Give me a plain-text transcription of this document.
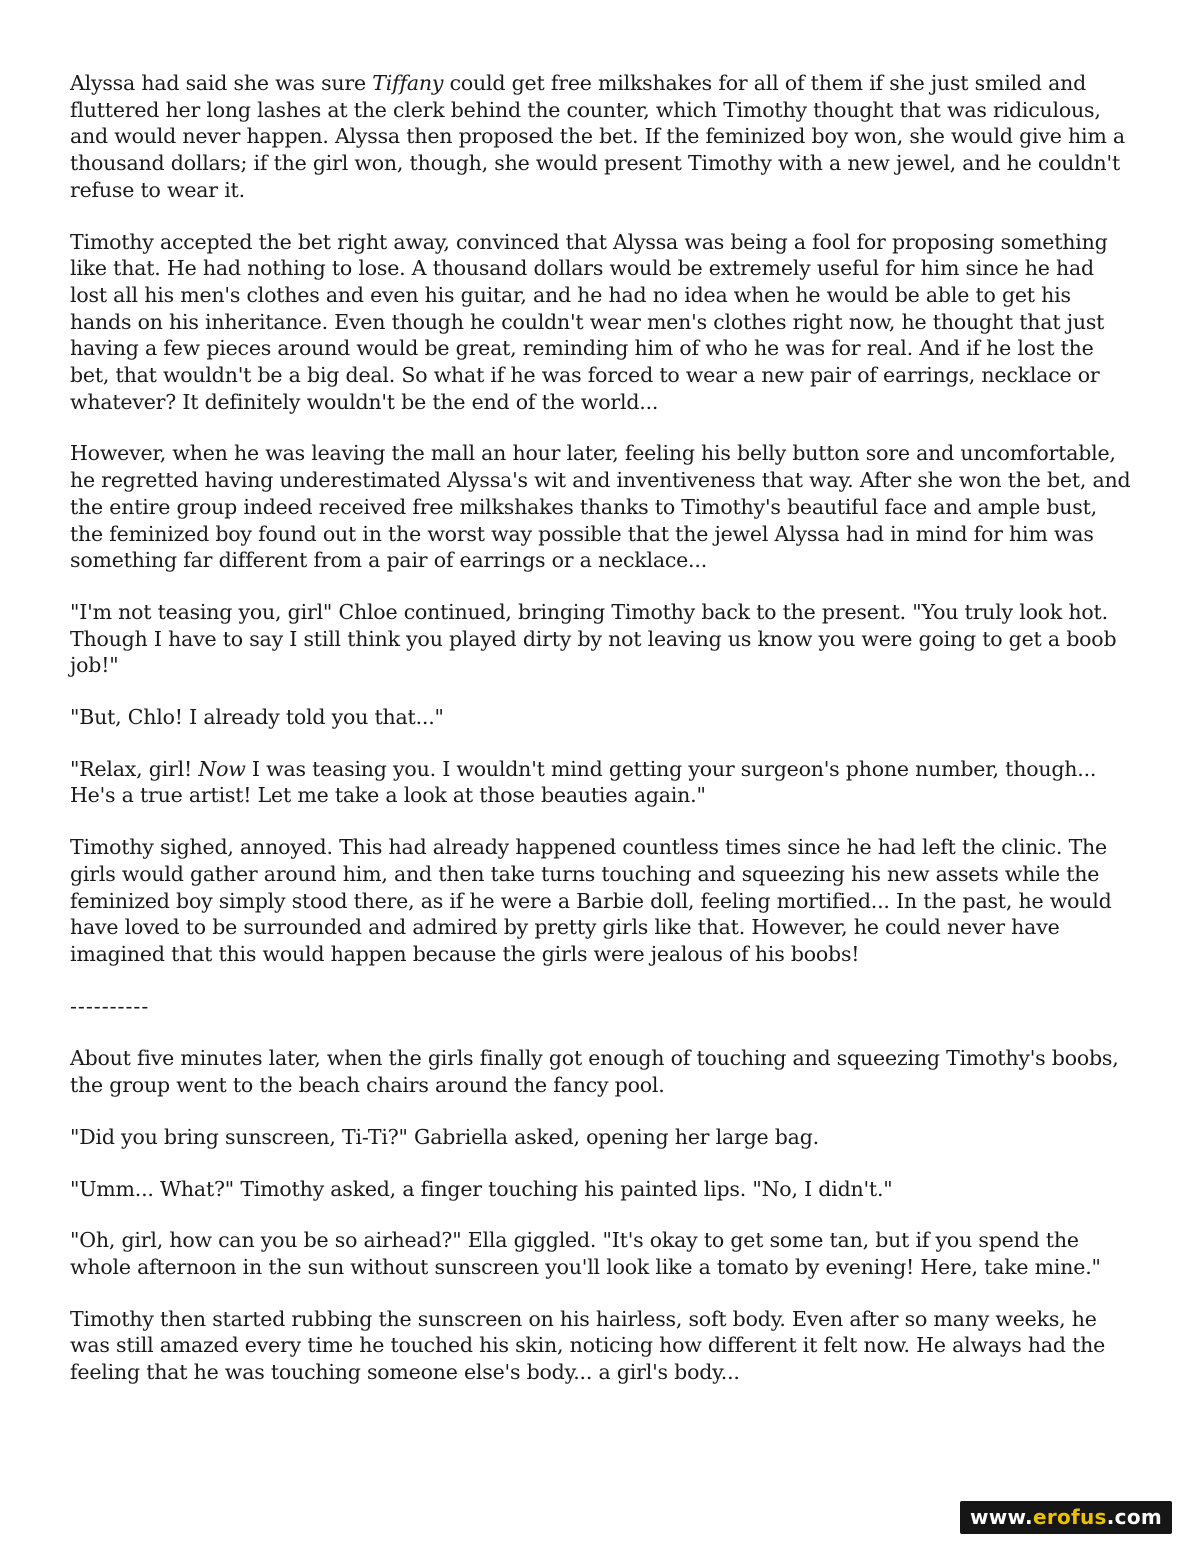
Alyssa had said she was sure Tiffany could get free milkshakes for all of them if she just smiled and fluttered her long lashes at the clerk behind the counter, which Timothy thought that was ridiculous, and would never happen. Alyssa then proposed the bet. If the feminized boy won, she would give him a thousand dollars; if the girl won, though, she would present Timothy with a new jewel, and he couldn't refuse to wear it.

Timothy accepted the bet right away, convinced that Alyssa was being a fool for proposing something like that. He had nothing to lose. A thousand dollars would be extremely useful for him since he had lost all his men's clothes and even his guitar, and he had no idea when he would be able to get his hands on his inheritance. Even though he couldn't wear men's clothes right now, he thought that just having a few pieces around would be great, reminding him of who he was for real. And if he lost the bet, that wouldn't be a big deal. So what if he was forced to wear a new pair of earrings, necklace or whatever? It definitely wouldn't be the end of the world...

However, when he was leaving the mall an hour later, feeling his belly button sore and uncomfortable, he regretted having underestimated Alyssa's wit and inventiveness that way. After she won the bet, and the entire group indeed received free milkshakes thanks to Timothy's beautiful face and ample bust, the feminized boy found out in the worst way possible that the jewel Alyssa had in mind for him was something far different from a pair of earrings or a necklace...

"I'm not teasing you, girl" Chloe continued, bringing Timothy back to the present. "You truly look hot. Though I have to say I still think you played dirty by not leaving us know you were going to get a boob job!"

"But, Chlo! I already told you that..."

"Relax, girl! Now I was teasing you. I wouldn't mind getting your surgeon's phone number, though... He's a true artist! Let me take a look at those beauties again."

Timothy sighed, annoyed. This had already happened countless times since he had left the clinic. The girls would gather around him, and then take turns touching and squeezing his new assets while the feminized boy simply stood there, as if he were a Barbie doll, feeling mortified... In the past, he would have loved to be surrounded and admired by pretty girls like that. However, he could never have imagined that this would happen because the girls were jealous of his boobs!

----------

About five minutes later, when the girls finally got enough of touching and squeezing Timothy's boobs, the group went to the beach chairs around the fancy pool.

"Did you bring sunscreen, Ti-Ti?" Gabriella asked, opening her large bag.

"Umm... What?" Timothy asked, a finger touching his painted lips. "No, I didn't."

"Oh, girl, how can you be so airhead?" Ella giggled. "It's okay to get some tan, but if you spend the whole afternoon in the sun without sunscreen you'll look like a tomato by evening! Here, take mine."

Timothy then started rubbing the sunscreen on his hairless, soft body. Even after so many weeks, he was still amazed every time he touched his skin, noticing how different it felt now. He always had the feeling that he was touching someone else's body... a girl's body...

www.erofus.com
